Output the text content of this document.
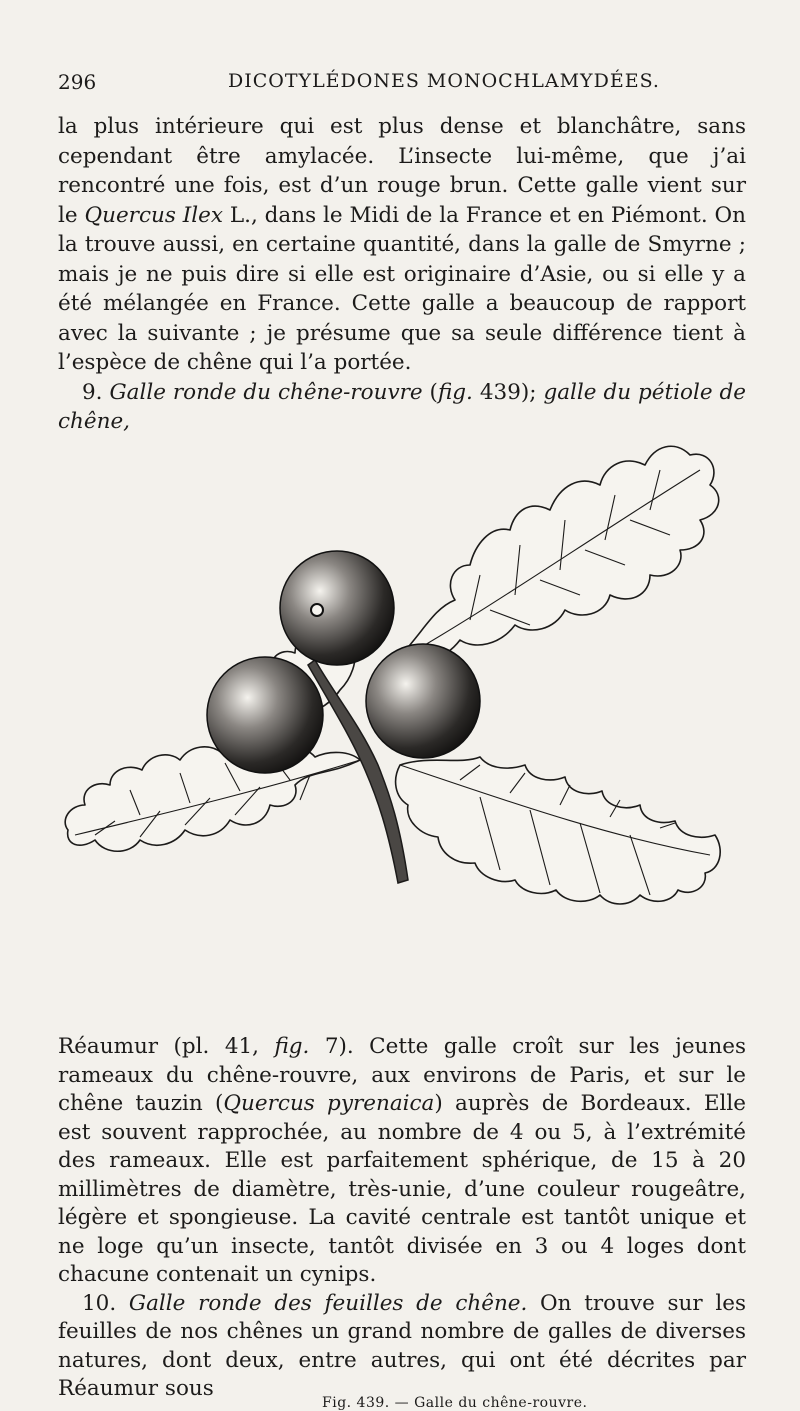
296	DICOTYLÉDONES MONOCHLAMYDÉES.

la plus intérieure qui est plus dense et blanchâtre, sans cependant être amylacée. L’insecte lui-même, que j’ai rencontré une fois, est d’un rouge brun. Cette galle vient sur le Quercus Ilex L., dans le Midi de la France et en Piémont. On la trouve aussi, en certaine quantité, dans la galle de Smyrne ; mais je ne puis dire si elle est originaire d’Asie, ou si elle y a été mélangée en France. Cette galle a beaucoup de rapport avec la suivante ; je présume que sa seule différence tient à l’espèce de chêne qui l’a portée.

9. Galle ronde du chêne-rouvre (fig. 439); galle du pétiole de chêne,

Fig. 439. — Galle du chêne-rouvre.

Réaumur (pl. 41, fig. 7). Cette galle croît sur les jeunes rameaux du chêne-rouvre, aux environs de Paris, et sur le chêne tauzin (Quercus pyrenaica) auprès de Bordeaux. Elle est souvent rapprochée, au nombre de 4 ou 5, à l’extrémité des rameaux. Elle est parfaitement sphérique, de 15 à 20 millimètres de diamètre, très-unie, d’une couleur rougeâtre, légère et spongieuse. La cavité centrale est tantôt unique et ne loge qu’un insecte, tantôt divisée en 3 ou 4 loges dont chacune contenait un cynips.

10. Galle ronde des feuilles de chêne. On trouve sur les feuilles de nos chênes un grand nombre de galles de diverses natures, dont deux, entre autres, qui ont été décrites par Réaumur sous
